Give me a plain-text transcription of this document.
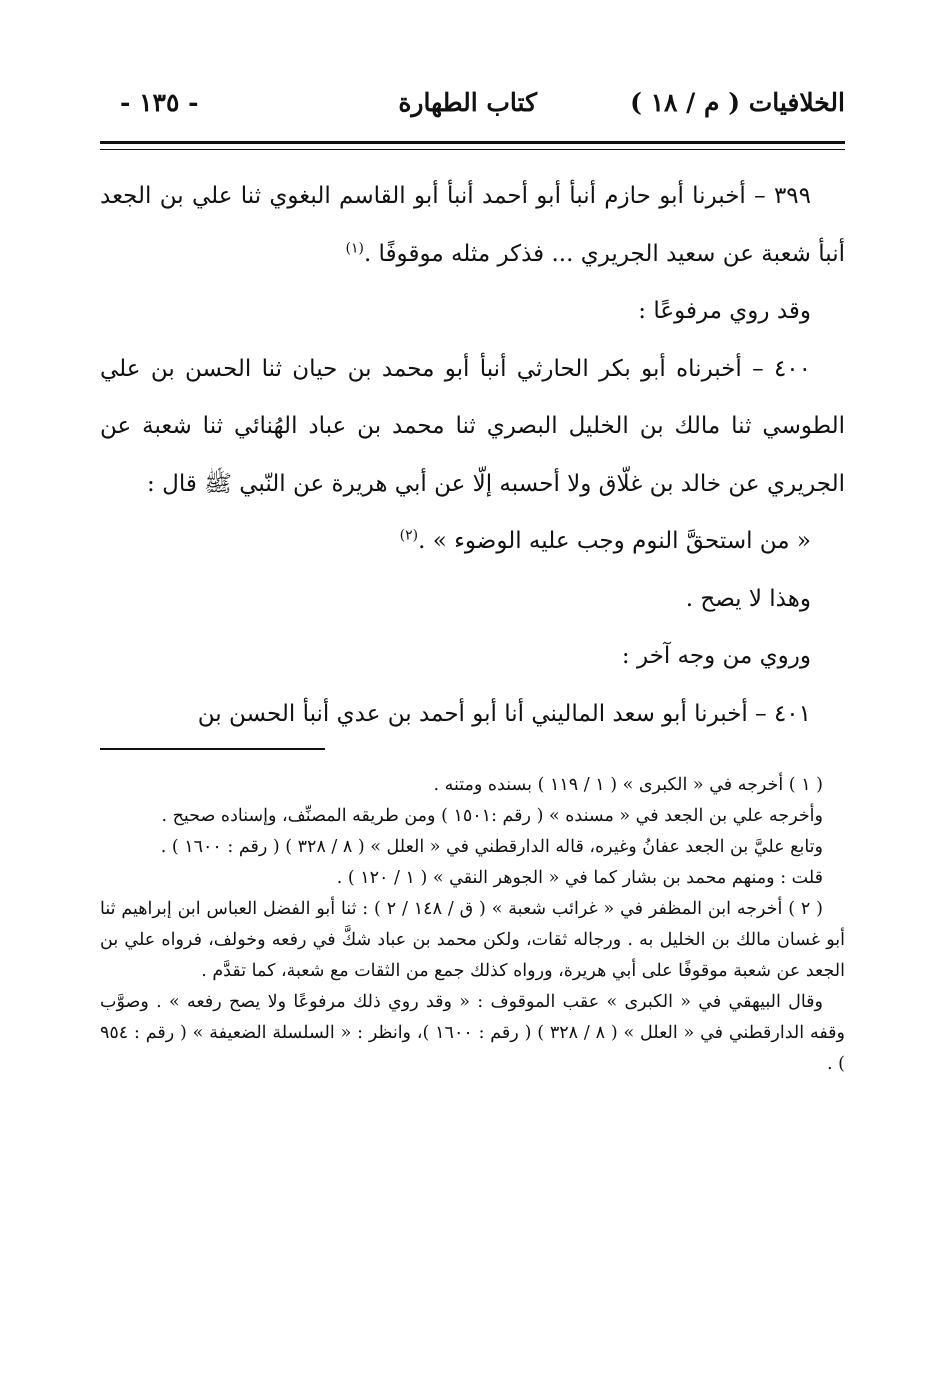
الخلافيات ( م / ١٨ )
كتاب الطهارة
- ١٣٥ -

٣٩٩ – أخبرنا أبو حازم أنبأ أبو أحمد أنبأ أبو القاسم البغوي ثنا علي بن الجعد أنبأ شعبة عن سعيد الجريري ... فذكر مثله موقوفًا .$^{(١)}$

وقد روي مرفوعًا :

٤٠٠ – أخبرناه أبو بكر الحارثي أنبأ أبو محمد بن حيان ثنا الحسن بن علي الطوسي ثنا مالك بن الخليل البصري ثنا محمد بن عباد الهُنائي ثنا شعبة عن الجريري عن خالد بن غلّاق ولا أحسبه إلّا عن أبي هريرة عن النّبي ﷺ قال :

« من استحقَّ النوم وجب عليه الوضوء » .$^{(٢)}$

وهذا لا يصح .

وروي من وجه آخر :

٤٠١ – أخبرنا أبو سعد الماليني أنا أبو أحمد بن عدي أنبأ الحسن بن

( ١ ) أخرجه في « الكبرى » ( ١ / ١١٩ ) بسنده ومتنه .

وأخرجه علي بن الجعد في « مسنده » ( رقم :١٥٠١ ) ومن طريقه المصنِّف، وإسناده صحيح .

وتابع عليَّ بن الجعد عفانُ وغيره، قاله الدارقطني في « العلل » ( ٨ / ٣٢٨ ) ( رقم : ١٦٠٠ ) .

قلت : ومنهم محمد بن بشار كما في « الجوهر النقي » ( ١ / ١٢٠ ) .

( ٢ ) أخرجه ابن المظفر في « غرائب شعبة » ( ق / ١٤٨ / ٢ ) : ثنا أبو الفضل العباس ابن إبراهيم ثنا أبو غسان مالك بن الخليل به . ورجاله ثقات، ولكن محمد بن عباد شكَّ في رفعه وخولف، فرواه علي بن الجعد عن شعبة موقوفًا على أبي هريرة، ورواه كذلك جمع من الثقات مع شعبة، كما تقدَّم .

وقال البيهقي في « الكبرى » عقب الموقوف : « وقد روي ذلك مرفوعًا ولا يصح رفعه » . وصوَّب وقفه الدارقطني في « العلل » ( ٨ / ٣٢٨ ) ( رقم : ١٦٠٠ )، وانظر : « السلسلة الضعيفة » ( رقم : ٩٥٤ ) .
